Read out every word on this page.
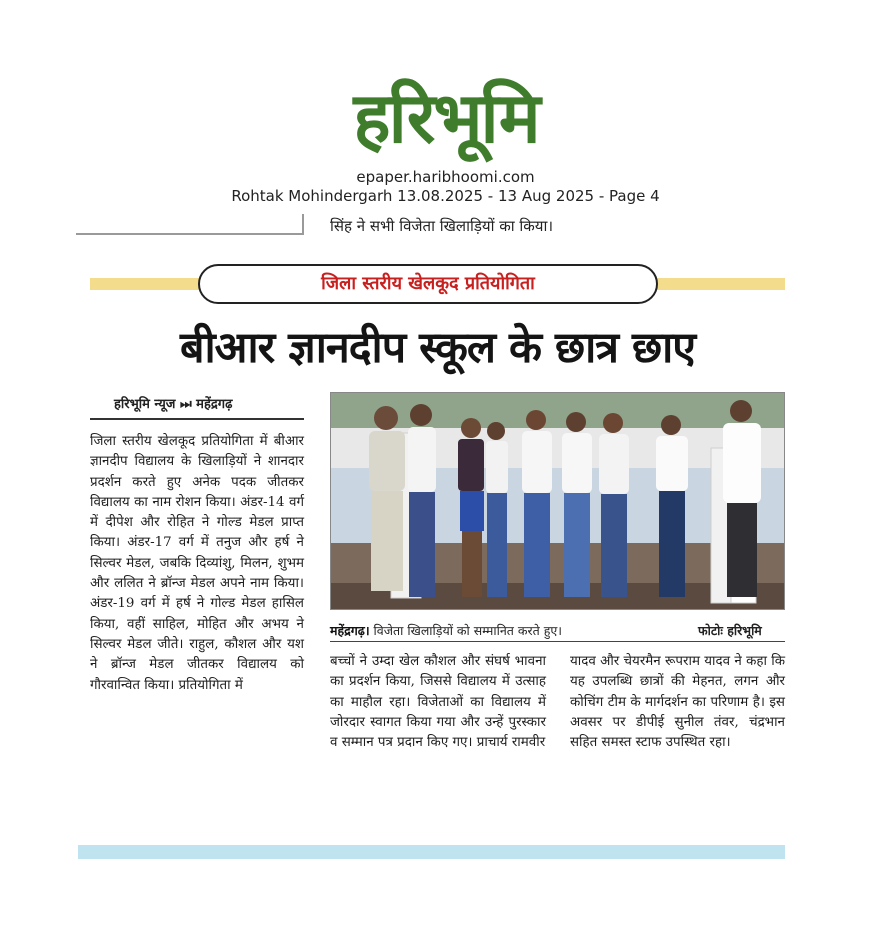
हरिभूमि
epaper.haribhoomi.com
Rohtak Mohindergarh 13.08.2025 - 13 Aug 2025 - Page 4
सिंह ने सभी विजेता खिलाड़ियों का किया।
जिला स्तरीय खेलकूद प्रतियोगिता
बीआर ज्ञानदीप स्कूल के छात्र छाए
हरिभूमि न्यूज ⏭ महेंद्रगढ़
जिला स्तरीय खेलकूद प्रतियोगिता में बीआर ज्ञानदीप विद्यालय के खिलाड़ियों ने शानदार प्रदर्शन करते हुए अनेक पदक जीतकर विद्यालय का नाम रोशन किया। अंडर-14 वर्ग में दीपेश और रोहित ने गोल्ड मेडल प्राप्त किया। अंडर-17 वर्ग में तनुज और हर्ष ने सिल्वर मेडल, जबकि दिव्यांशु, मिलन, शुभम और ललित ने ब्रॉन्ज मेडल अपने नाम किया। अंडर-19 वर्ग में हर्ष ने गोल्ड मेडल हासिल किया, वहीं साहिल, मोहित और अभय ने सिल्वर मेडल जीते। राहुल, कौशल और यश ने ब्रॉन्ज मेडल जीतकर विद्यालय को गौरवान्वित किया। प्रतियोगिता में
महेंद्रगढ़। विजेता खिलाड़ियों को सम्मानित करते हुए।	फोटोः हरिभूमि
बच्चों ने उम्दा खेल कौशल और संघर्ष भावना का प्रदर्शन किया, जिससे विद्यालय में उत्साह का माहौल रहा। विजेताओं का विद्यालय में जोरदार स्वागत किया गया और उन्हें पुरस्कार व सम्मान पत्र प्रदान किए गए। प्राचार्य रामवीर
यादव और चेयरमैन रूपराम यादव ने कहा कि यह उपलब्धि छात्रों की मेहनत, लगन और कोचिंग टीम के मार्गदर्शन का परिणाम है। इस अवसर पर डीपीई सुनील तंवर, चंद्रभान सहित समस्त स्टाफ उपस्थित रहा।
